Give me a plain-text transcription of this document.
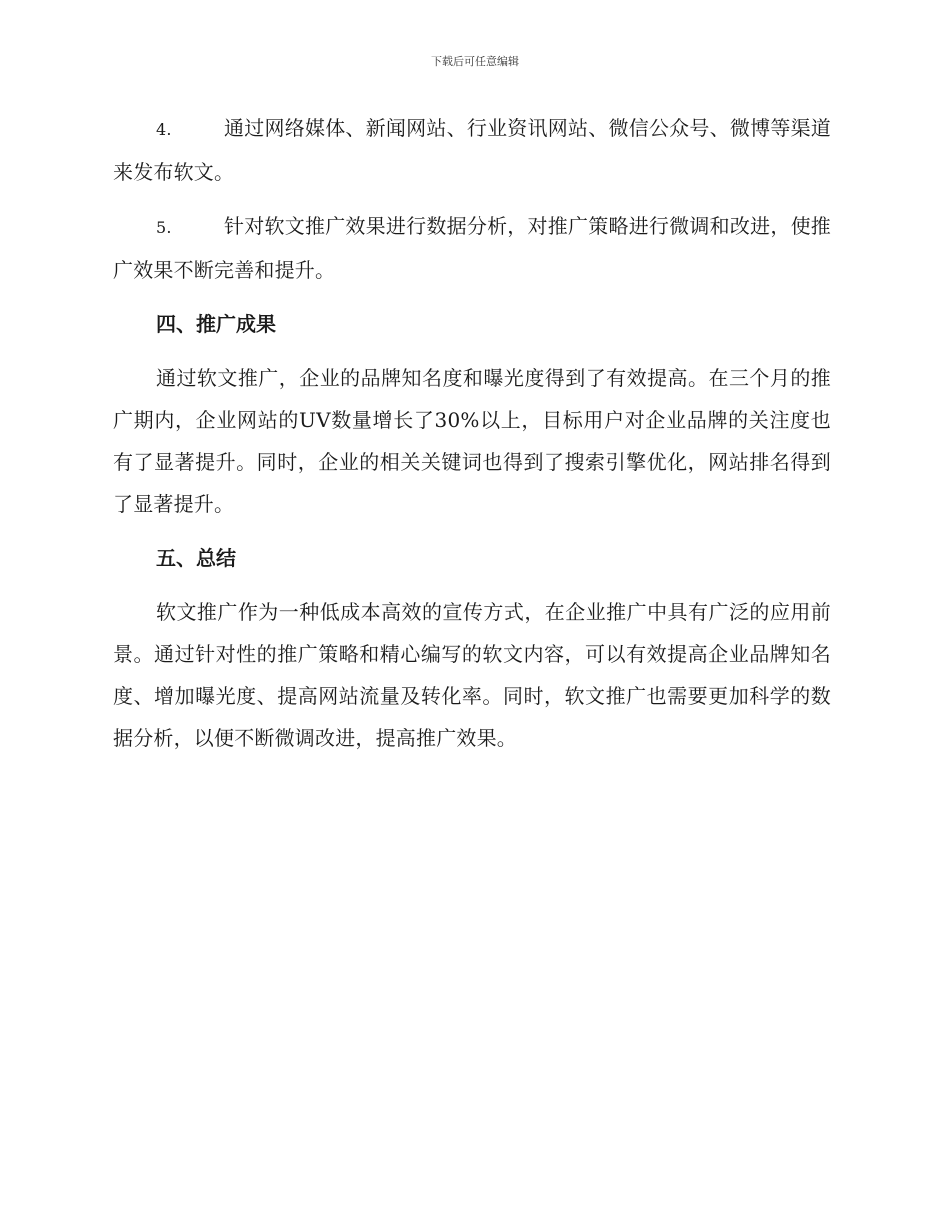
下载后可任意编辑

4.	通过网络媒体、新闻网站、行业资讯网站、微信公众号、微博等渠道来发布软文。

5.	针对软文推广效果进行数据分析，对推广策略进行微调和改进，使推广效果不断完善和提升。

四、推广成果

通过软文推广，企业的品牌知名度和曝光度得到了有效提高。在三个月的推广期内，企业网站的UV数量增长了30%以上，目标用户对企业品牌的关注度也有了显著提升。同时，企业的相关关键词也得到了搜索引擎优化，网站排名得到了显著提升。

五、总结

软文推广作为一种低成本高效的宣传方式，在企业推广中具有广泛的应用前景。通过针对性的推广策略和精心编写的软文内容，可以有效提高企业品牌知名度、增加曝光度、提高网站流量及转化率。同时，软文推广也需要更加科学的数据分析，以便不断微调改进，提高推广效果。
